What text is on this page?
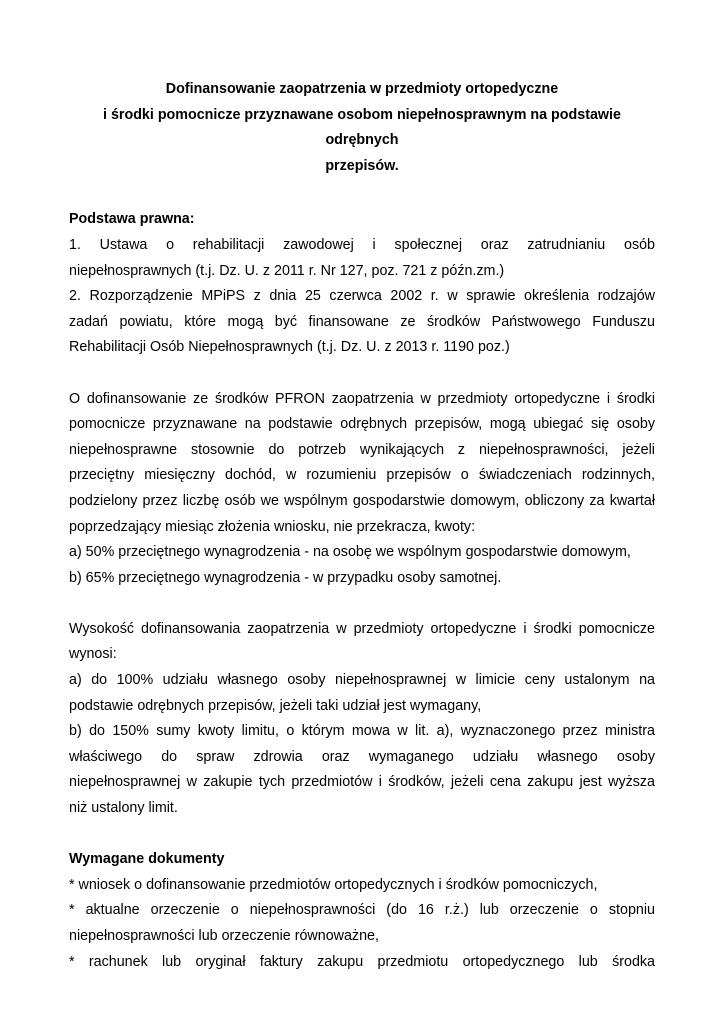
Dofinansowanie zaopatrzenia w przedmioty ortopedyczne
i środki pomocnicze przyznawane osobom niepełnosprawnym na podstawie odrębnych
przepisów.

Podstawa prawna:

1. Ustawa o rehabilitacji zawodowej i społecznej oraz zatrudnianiu osób
niepełnosprawnych (t.j. Dz. U. z 2011 r. Nr 127, poz. 721 z późn.zm.)
2. Rozporządzenie MPiPS z dnia 25 czerwca 2002 r. w sprawie określenia rodzajów
zadań powiatu, które mogą być finansowane ze środków Państwowego Funduszu
Rehabilitacji Osób Niepełnosprawnych (t.j. Dz. U. z 2013 r. 1190 poz.)
O dofinansowanie ze środków PFRON zaopatrzenia w przedmioty ortopedyczne i środki
pomocnicze przyznawane na podstawie odrębnych przepisów, mogą ubiegać się osoby
niepełnosprawne stosownie do potrzeb wynikających z niepełnosprawności, jeżeli
przeciętny miesięczny dochód, w rozumieniu przepisów o świadczeniach rodzinnych,
podzielony przez liczbę osób we wspólnym gospodarstwie domowym, obliczony za kwartał
poprzedzający miesiąc złożenia wniosku, nie przekracza, kwoty:
a) 50% przeciętnego wynagrodzenia - na osobę we wspólnym gospodarstwie domowym,
b) 65% przeciętnego wynagrodzenia - w przypadku osoby samotnej.
Wysokość dofinansowania zaopatrzenia w przedmioty ortopedyczne i środki pomocnicze
wynosi:
a) do 100% udziału własnego osoby niepełnosprawnej w limicie ceny ustalonym na
podstawie odrębnych przepisów, jeżeli taki udział jest wymagany,
b) do 150% sumy kwoty limitu, o którym mowa w lit. a), wyznaczonego przez ministra
właściwego do spraw zdrowia oraz wymaganego udziału własnego osoby
niepełnosprawnej w zakupie tych przedmiotów i środków, jeżeli cena zakupu jest wyższa
niż ustalony limit.

Wymagane dokumenty

* wniosek o dofinansowanie przedmiotów ortopedycznych i środków pomocniczych,
* aktualne orzeczenie o niepełnosprawności (do 16 r.ż.) lub orzeczenie o stopniu
niepełnosprawności lub orzeczenie równoważne,
* rachunek lub oryginał faktury zakupu przedmiotu ortopedycznego lub środka
